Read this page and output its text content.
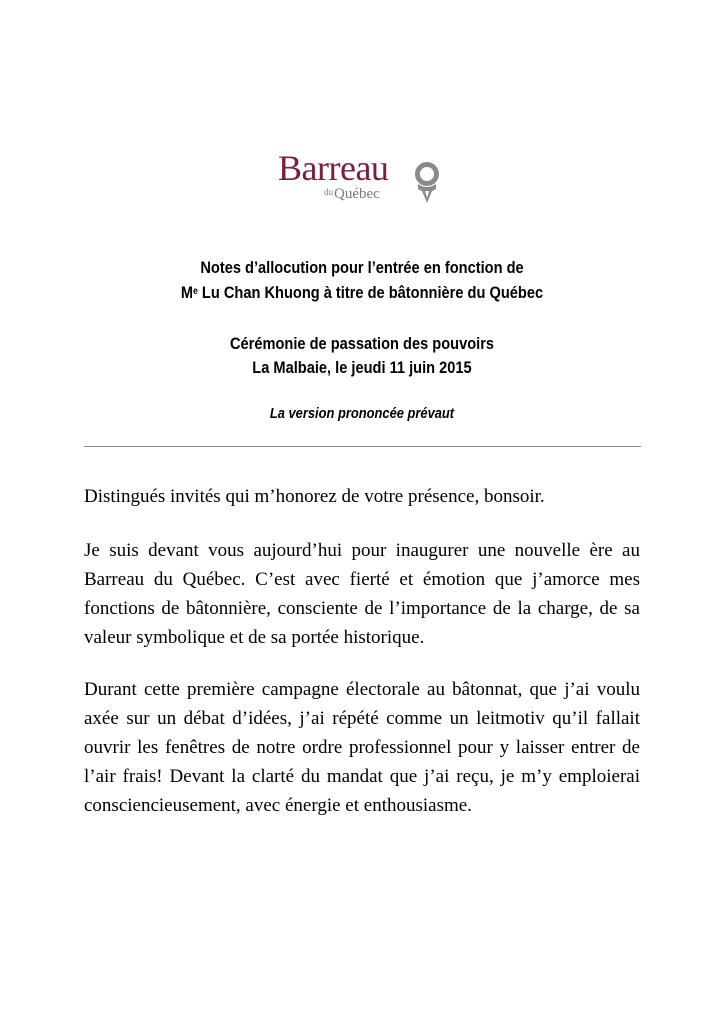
Barreau
duQuébec
Notes d’allocution pour l’entrée en fonction de
Me Lu Chan Khuong à titre de bâtonnière du Québec
Cérémonie de passation des pouvoirs
La Malbaie, le jeudi 11 juin 2015
La version prononcée prévaut

Distingués invités qui m’honorez de votre présence, bonsoir.

Je suis devant vous aujourd’hui pour inaugurer une nouvelle ère au Barreau du Québec. C’est avec fierté et émotion que j’amorce mes fonctions de bâtonnière, consciente de l’importance de la charge, de sa valeur symbolique et de sa portée historique.

Durant cette première campagne électorale au bâtonnat, que j’ai voulu axée sur un débat d’idées, j’ai répété comme un leitmotiv qu’il fallait ouvrir les fenêtres de notre ordre professionnel pour y laisser entrer de l’air frais! Devant la clarté du mandat que j’ai reçu, je m’y emploierai consciencieusement, avec énergie et enthousiasme.
